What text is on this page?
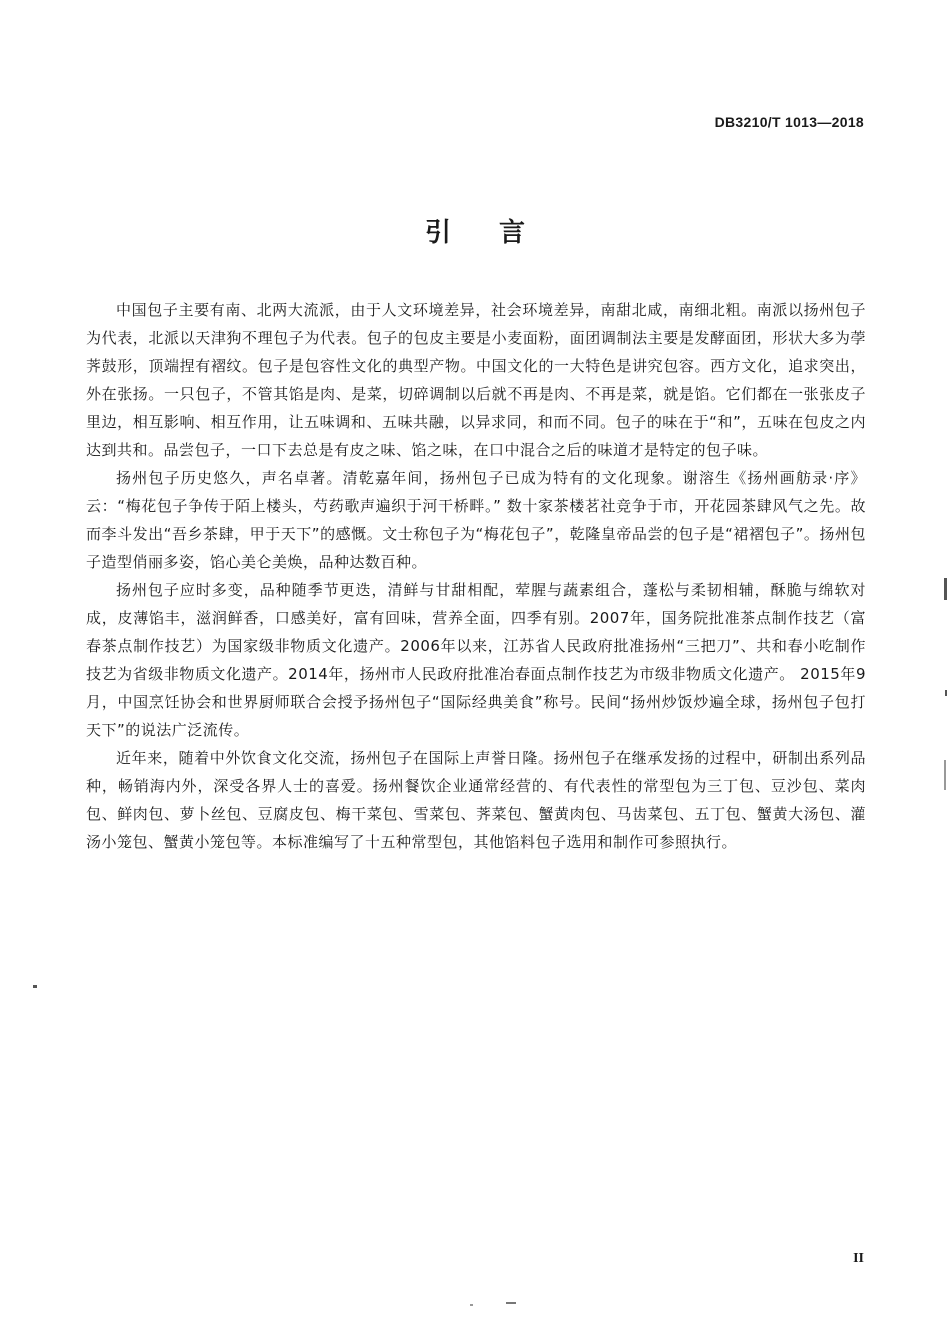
DB3210/T 1013—2018
引言

中国包子主要有南、北两大流派，由于人文环境差异，社会环境差异，南甜北咸，南细北粗。南派以扬州包子为代表，北派以天津狗不理包子为代表。包子的包皮主要是小麦面粉，面团调制法主要是发酵面团，形状大多为荸荠鼓形，顶端捏有褶纹。包子是包容性文化的典型产物。中国文化的一大特色是讲究包容。西方文化，追求突出，外在张扬。一只包子，不管其馅是肉、是菜，切碎调制以后就不再是肉、不再是菜，就是馅。它们都在一张张皮子里边，相互影响、相互作用，让五味调和、五味共融，以异求同，和而不同。包子的味在于“和”，五味在包皮之内达到共和。品尝包子，一口下去总是有皮之味、馅之味，在口中混合之后的味道才是特定的包子味。

扬州包子历史悠久，声名卓著。清乾嘉年间，扬州包子已成为特有的文化现象。谢溶生《扬州画舫录·序》云：“梅花包子争传于陌上楼头，芍药歌声遍织于河干桥畔。” 数十家茶楼茗社竞争于市，开花园茶肆风气之先。故而李斗发出“吾乡茶肆，甲于天下”的感慨。文士称包子为“梅花包子”，乾隆皇帝品尝的包子是“裙褶包子”。扬州包子造型俏丽多姿，馅心美仑美焕，品种达数百种。

扬州包子应时多变，品种随季节更迭，清鲜与甘甜相配，荤腥与蔬素组合，蓬松与柔韧相辅，酥脆与绵软对成，皮薄馅丰，滋润鲜香，口感美好，富有回味，营养全面，四季有别。2007年，国务院批准茶点制作技艺（富春茶点制作技艺）为国家级非物质文化遗产。2006年以来，江苏省人民政府批准扬州“三把刀”、共和春小吃制作技艺为省级非物质文化遗产。2014年，扬州市人民政府批准冶春面点制作技艺为市级非物质文化遗产。 2015年9月，中国烹饪协会和世界厨师联合会授予扬州包子“国际经典美食”称号。民间“扬州炒饭炒遍全球，扬州包子包打天下”的说法广泛流传。

近年来，随着中外饮食文化交流，扬州包子在国际上声誉日隆。扬州包子在继承发扬的过程中，研制出系列品种，畅销海内外，深受各界人士的喜爱。扬州餐饮企业通常经营的、有代表性的常型包为三丁包、豆沙包、菜肉包、鲜肉包、萝卜丝包、豆腐皮包、梅干菜包、雪菜包、荠菜包、蟹黄肉包、马齿菜包、五丁包、蟹黄大汤包、灌汤小笼包、蟹黄小笼包等。本标准编写了十五种常型包，其他馅料包子选用和制作可参照执行。

II
